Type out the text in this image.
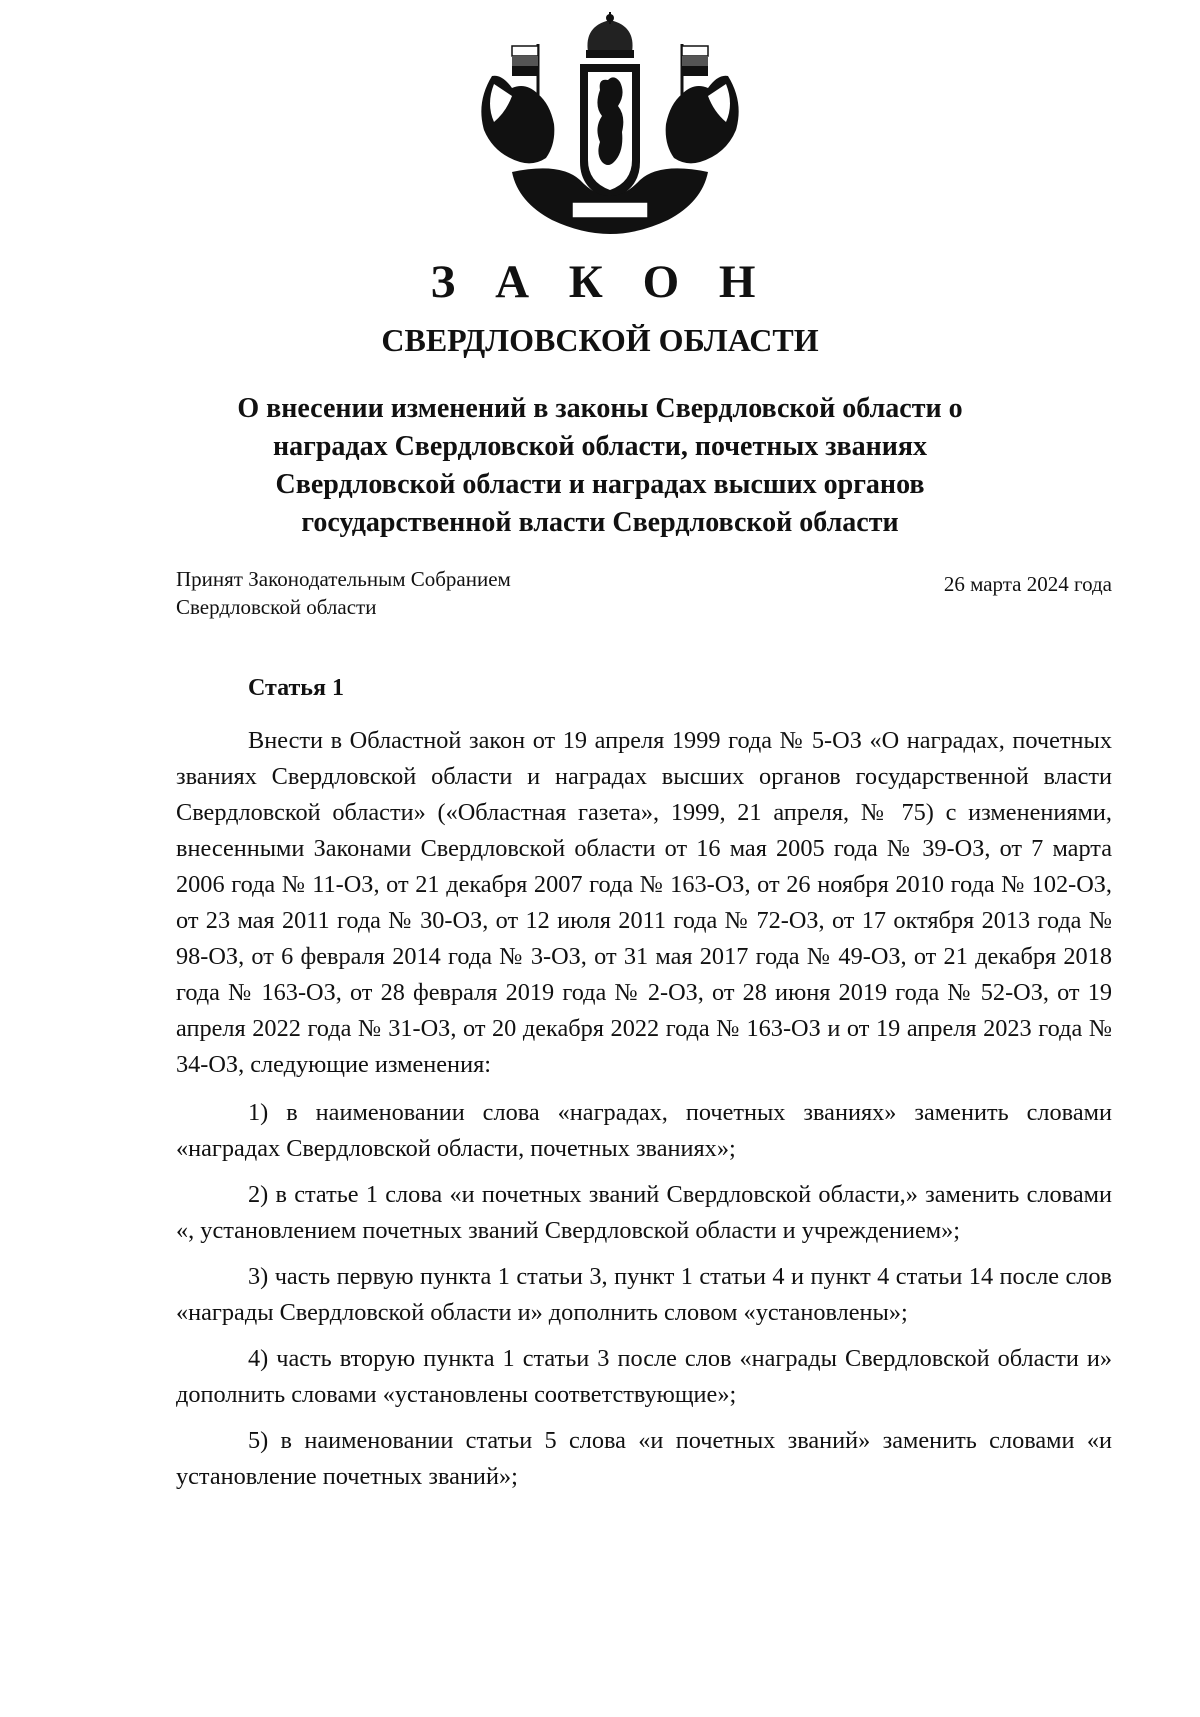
З А К О Н
СВЕРДЛОВСКОЙ ОБЛАСТИ

О внесении изменений в законы Свердловской области о наградах Свердловской области, почетных званиях Свердловской области и наградах высших органов государственной власти Свердловской области

Принят Законодательным Собранием
Свердловской области
26 марта 2024 года
Статья 1

Внести в Областной закон от 19 апреля 1999 года № 5-ОЗ «О наградах, почетных званиях Свердловской области и наградах высших органов государственной власти Свердловской области» («Областная газета», 1999, 21 апреля, № 75) с изменениями, внесенными Законами Свердловской области от 16 мая 2005 года № 39-ОЗ, от 7 марта 2006 года № 11-ОЗ, от 21 декабря 2007 года № 163-ОЗ, от 26 ноября 2010 года № 102-ОЗ, от 23 мая 2011 года № 30-ОЗ, от 12 июля 2011 года № 72-ОЗ, от 17 октября 2013 года № 98-ОЗ, от 6 февраля 2014 года № 3-ОЗ, от 31 мая 2017 года № 49-ОЗ, от 21 декабря 2018 года № 163-ОЗ, от 28 февраля 2019 года № 2-ОЗ, от 28 июня 2019 года № 52-ОЗ, от 19 апреля 2022 года № 31-ОЗ, от 20 декабря 2022 года № 163-ОЗ и от 19 апреля 2023 года № 34-ОЗ, следующие изменения:

1) в наименовании слова «наградах, почетных званиях» заменить словами «наградах Свердловской области, почетных званиях»;

2) в статье 1 слова «и почетных званий Свердловской области,» заменить словами «, установлением почетных званий Свердловской области и учреждением»;

3) часть первую пункта 1 статьи 3, пункт 1 статьи 4 и пункт 4 статьи 14 после слов «награды Свердловской области и» дополнить словом «установлены»;

4) часть вторую пункта 1 статьи 3 после слов «награды Свердловской области и» дополнить словами «установлены соответствующие»;

5) в наименовании статьи 5 слова «и почетных званий» заменить словами «и установление почетных званий»;
